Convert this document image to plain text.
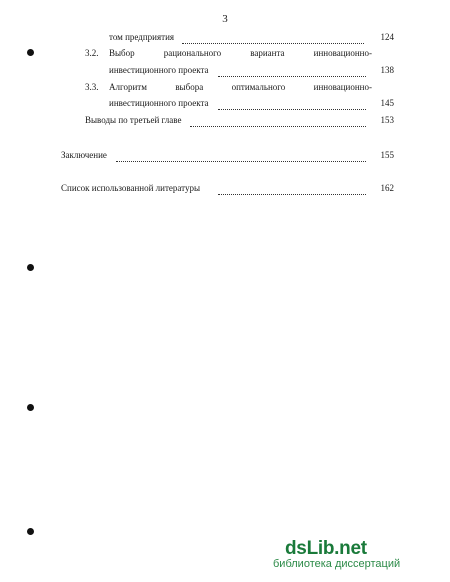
3
том предприятия	124
3.2. Выбор	рационального	варианта	инновационно-
инвестиционного проекта	138
3.3. Алгоритм	выбора	оптимального	инновационно-
инвестиционного проекта	145
Выводы по третьей главе	153
Заключение	155
Список использованной литературы	162
dsLib.net
библиотека диссертаций
